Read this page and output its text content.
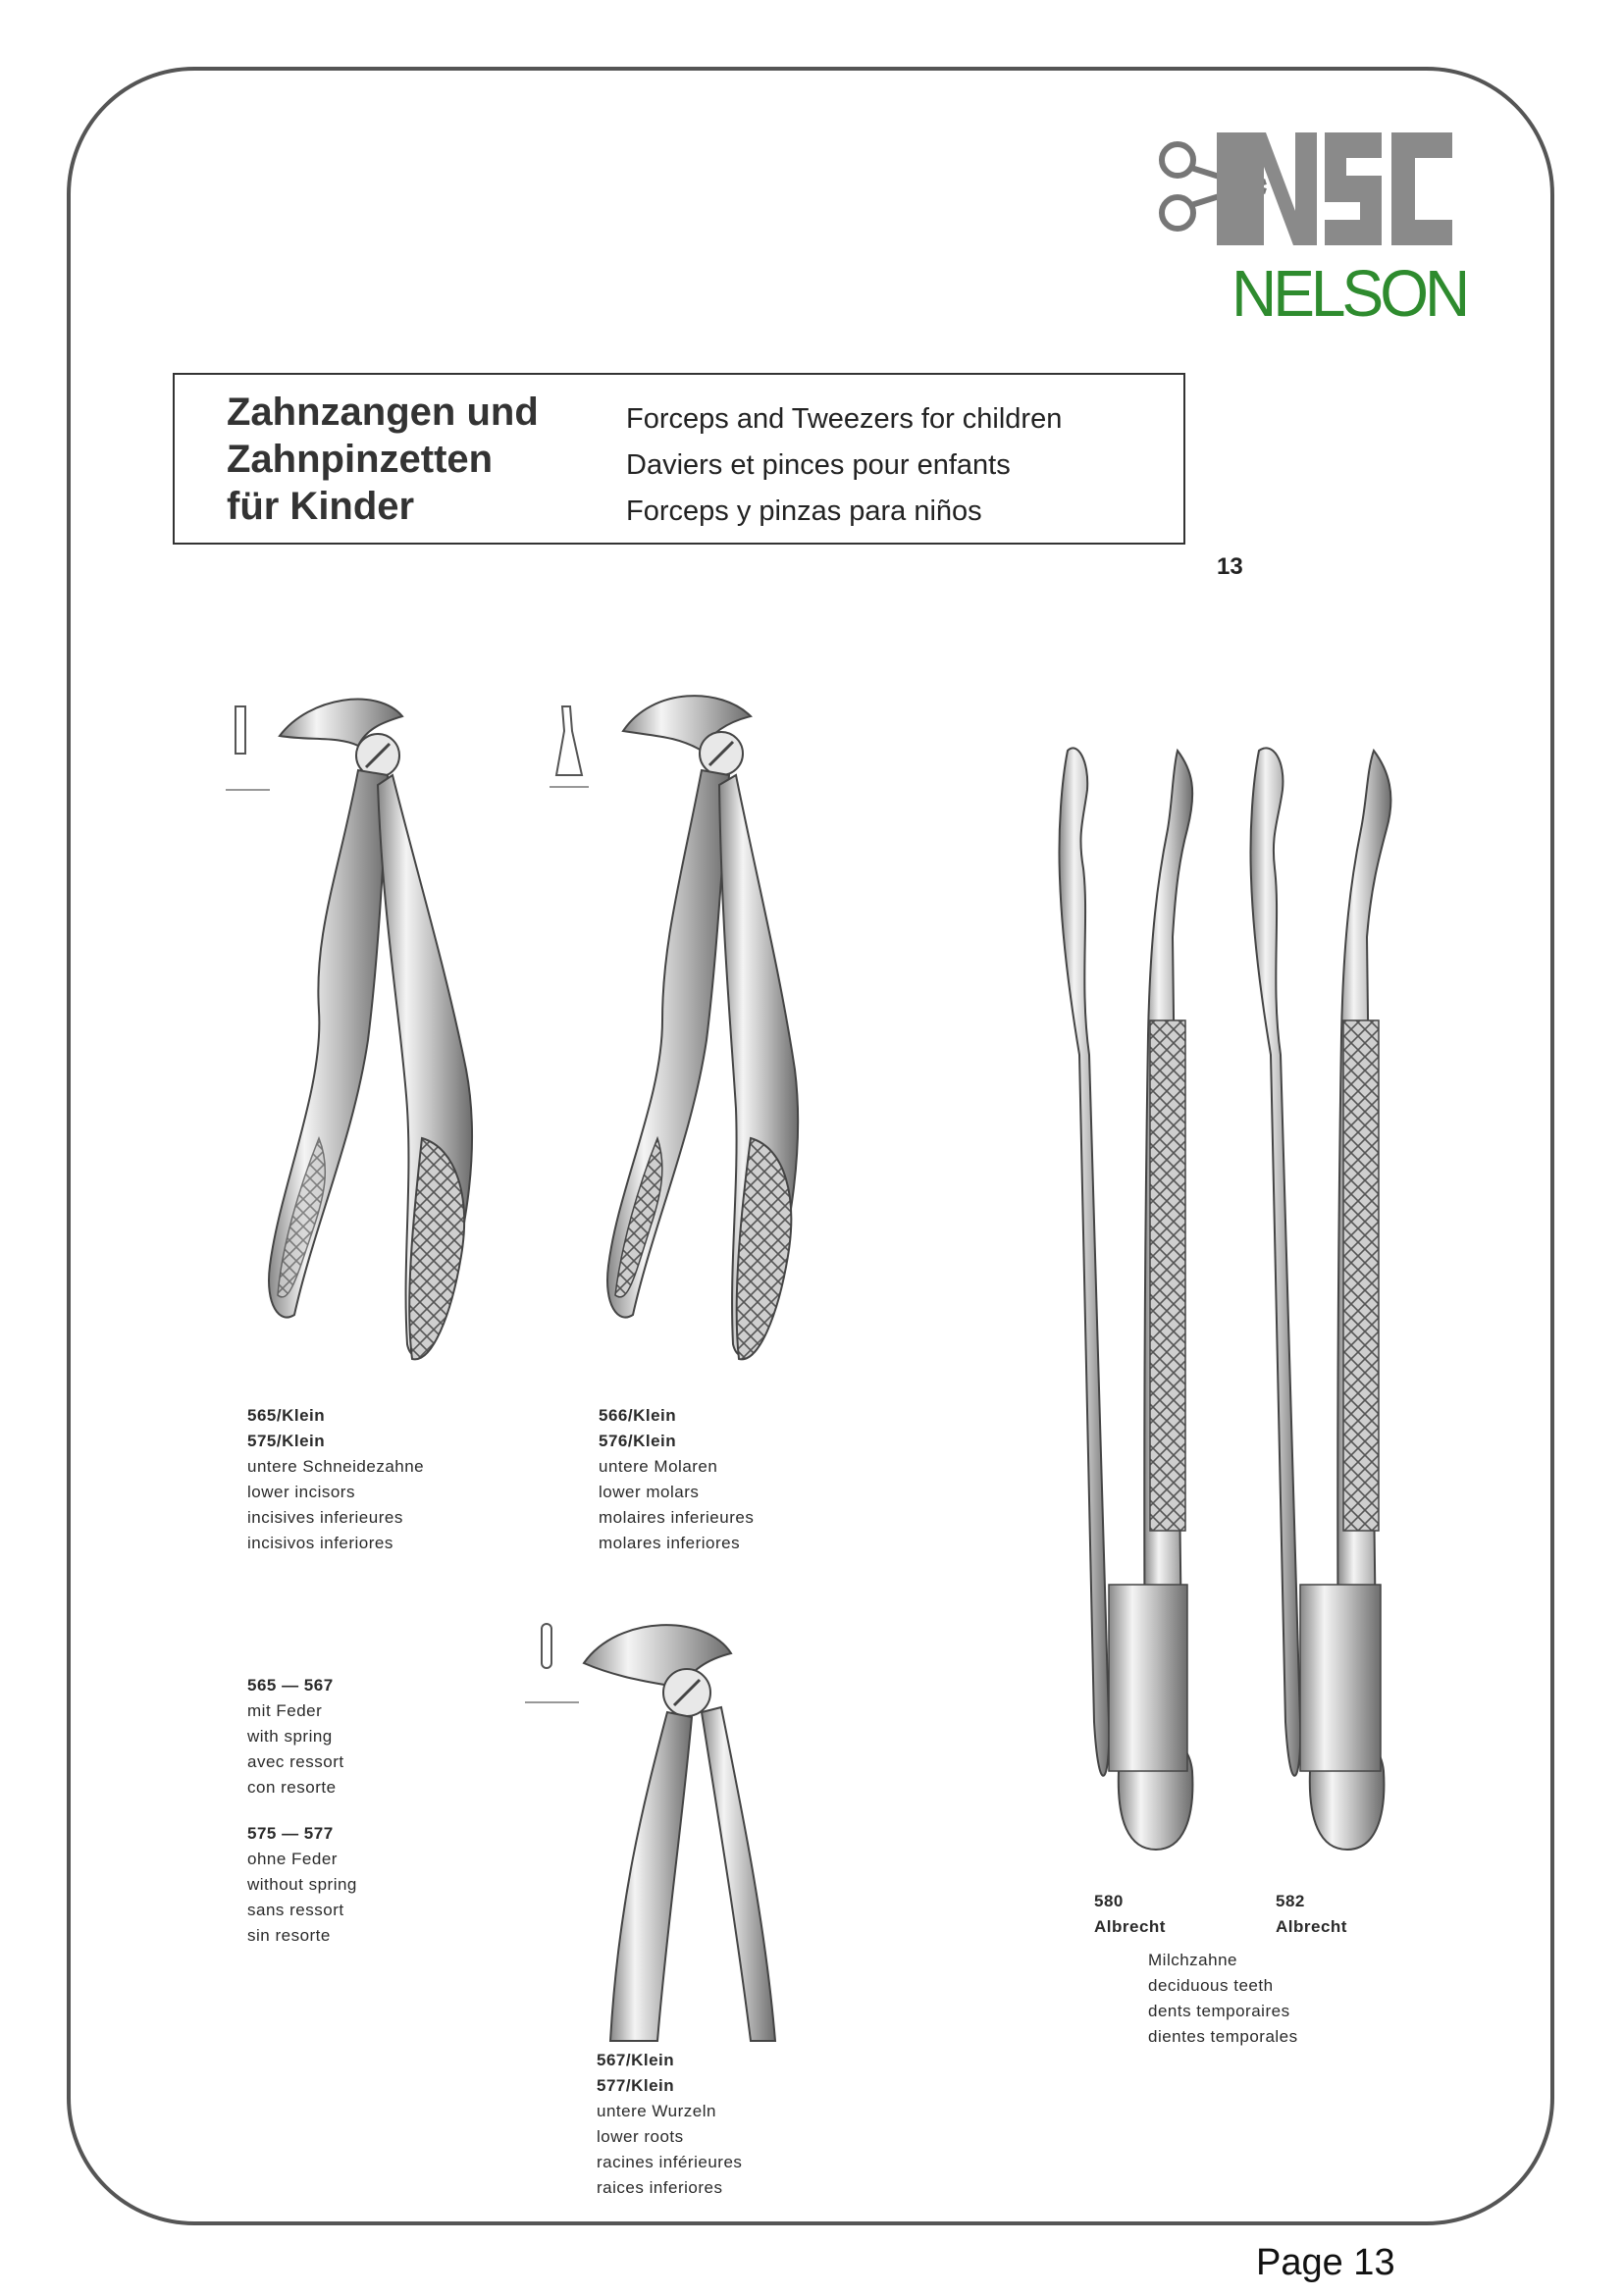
NELSON
Zahnzangen und
Zahnpinzetten
für Kinder
Forceps and Tweezers for children
Daviers et pinces pour enfants
Forceps y pinzas para niños
13
565/Klein
575/Klein
untere Schneidezahne
lower incisors
incisives inferieures
incisivos inferiores
566/Klein
576/Klein
untere Molaren
lower molars
molaires inferieures
molares inferiores
565 — 567
mit Feder
with spring
avec ressort
con resorte
575 — 577
ohne Feder
without spring
sans ressort
sin resorte
567/Klein
577/Klein
untere Wurzeln
lower roots
racines inférieures
raices inferiores
580
Albrecht
582
Albrecht
Milchzahne
deciduous teeth
dents temporaires
dientes temporales
Page 13
